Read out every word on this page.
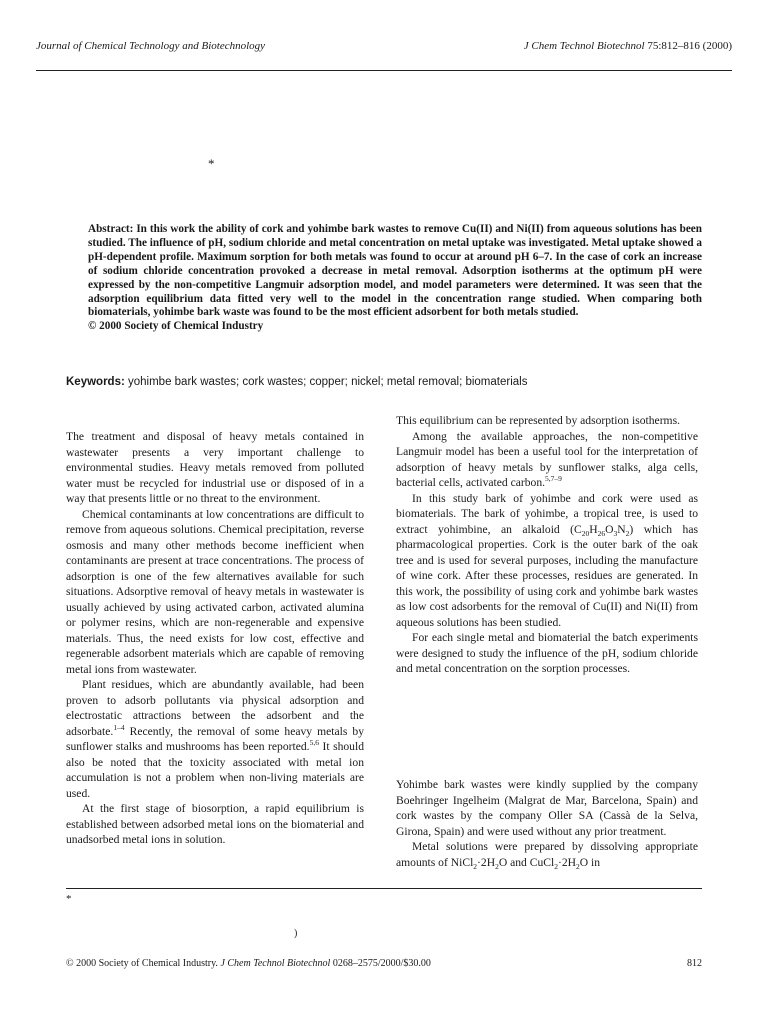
Journal of Chemical Technology and Biotechnology	J Chem Technol Biotechnol 75:812–816 (2000)
*
Abstract: In this work the ability of cork and yohimbe bark wastes to remove Cu(II) and Ni(II) from aqueous solutions has been studied. The influence of pH, sodium chloride and metal concentration on metal uptake was investigated. Metal uptake showed a pH-dependent profile. Maximum sorption for both metals was found to occur at around pH 6–7. In the case of cork an increase of sodium chloride concentration provoked a decrease in metal removal. Adsorption isotherms at the optimum pH were expressed by the non-competitive Langmuir adsorption model, and model parameters were determined. It was seen that the adsorption equilibrium data fitted very well to the model in the concentration range studied. When comparing both biomaterials, yohimbe bark waste was found to be the most efficient adsorbent for both metals studied.
© 2000 Society of Chemical Industry
Keywords: yohimbe bark wastes; cork wastes; copper; nickel; metal removal; biomaterials

The treatment and disposal of heavy metals contained in wastewater presents a very important challenge to environmental studies. Heavy metals removed from polluted water must be recycled for industrial use or disposed of in a way that presents little or no threat to the environment.

Chemical contaminants at low concentrations are difficult to remove from aqueous solutions. Chemical precipitation, reverse osmosis and many other methods become inefficient when contaminants are present at trace concentrations. The process of adsorption is one of the few alternatives available for such situations. Adsorptive removal of heavy metals in wastewater is usually achieved by using activated carbon, activated alumina or polymer resins, which are non-regenerable and expensive materials. Thus, the need exists for low cost, effective and regenerable adsorbent materials which are capable of removing metal ions from wastewater.

Plant residues, which are abundantly available, had been proven to adsorb pollutants via physical adsorption and electrostatic attractions between the adsorbent and the adsorbate.$^{1-4}$ Recently, the removal of some heavy metals by sunflower stalks and mushrooms has been reported.$^{5,6}$ It should also be noted that the toxicity associated with metal ion accumulation is not a problem when non-living materials are used.

At the first stage of biosorption, a rapid equilibrium is established between adsorbed metal ions on the biomaterial and unadsorbed metal ions in solution.

This equilibrium can be represented by adsorption isotherms.

Among the available approaches, the non-competitive Langmuir model has been a useful tool for the interpretation of adsorption of heavy metals by sunflower stalks, alga cells, bacterial cells, activated carbon.$^{5,7-9}$

In this study bark of yohimbe and cork were used as biomaterials. The bark of yohimbe, a tropical tree, is used to extract yohimbine, an alkaloid $(C_{20}H_{26}O_3N_2)$ which has pharmacological properties. Cork is the outer bark of the oak tree and is used for several purposes, including the manufacture of wine cork. After these processes, residues are generated. In this work, the possibility of using cork and yohimbe bark wastes as low cost adsorbents for the removal of Cu(II) and Ni(II) from aqueous solutions has been studied.

For each single metal and biomaterial the batch experiments were designed to study the influence of the pH, sodium chloride and metal concentration on the sorption processes.

Yohimbe bark wastes were kindly supplied by the company Boehringer Ingelheim (Malgrat de Mar, Barcelona, Spain) and cork wastes by the company Oller SA (Cassà de la Selva, Girona, Spain) and were used without any prior treatment.

Metal solutions were prepared by dissolving appropriate amounts of $NiCl_2\cdot 2H_2O$ and $CuCl_2\cdot 2H_2O$ in

*
)
© 2000 Society of Chemical Industry. J Chem Technol Biotechnol 0268–2575/2000/$30.00	812
